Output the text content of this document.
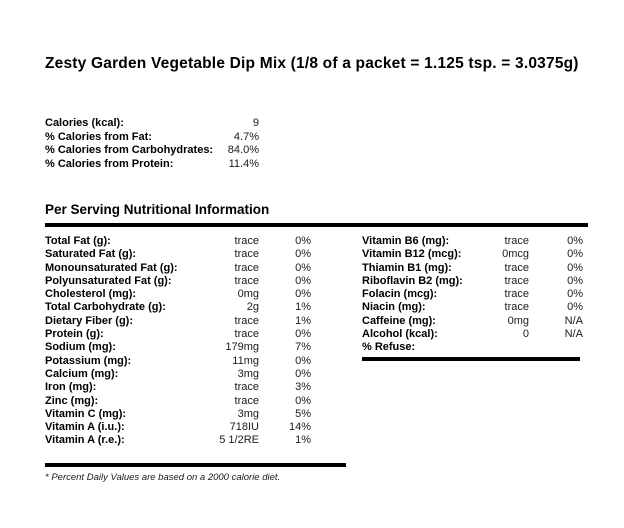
Zesty Garden Vegetable Dip Mix (1/8 of a packet = 1.125 tsp. = 3.0375g)
Calories (kcal):	9
% Calories from Fat:	4.7%
% Calories from Carbohydrates: 84.0%
% Calories from Protein:	11.4%
Per Serving Nutritional Information
Total Fat (g):	trace	0%
Saturated Fat (g):	trace	0%
Monounsaturated Fat (g):	trace	0%
Polyunsaturated Fat (g):	trace	0%
Cholesterol (mg):	0mg	0%
Total Carbohydrate (g):	2g	1%
Dietary Fiber (g):	trace	1%
Protein (g):	trace	0%
Sodium (mg):	179mg	7%
Potassium (mg):	11mg	0%
Calcium (mg):	3mg	0%
Iron (mg):	trace	3%
Zinc (mg):	trace	0%
Vitamin C (mg):	3mg	5%
Vitamin A (i.u.):	718IU	14%
Vitamin A (r.e.):	5 1/2RE	1%
Vitamin B6 (mg):	trace	0%
Vitamin B12 (mcg):	0mcg	0%
Thiamin B1 (mg):	trace	0%
Riboflavin B2 (mg):	trace	0%
Folacin (mcg):	trace	0%
Niacin (mg):	trace	0%
Caffeine (mg):	0mg	N/A
Alcohol (kcal):	0	N/A
% Refuse:
* Percent Daily Values are based on a 2000 calorie diet.
